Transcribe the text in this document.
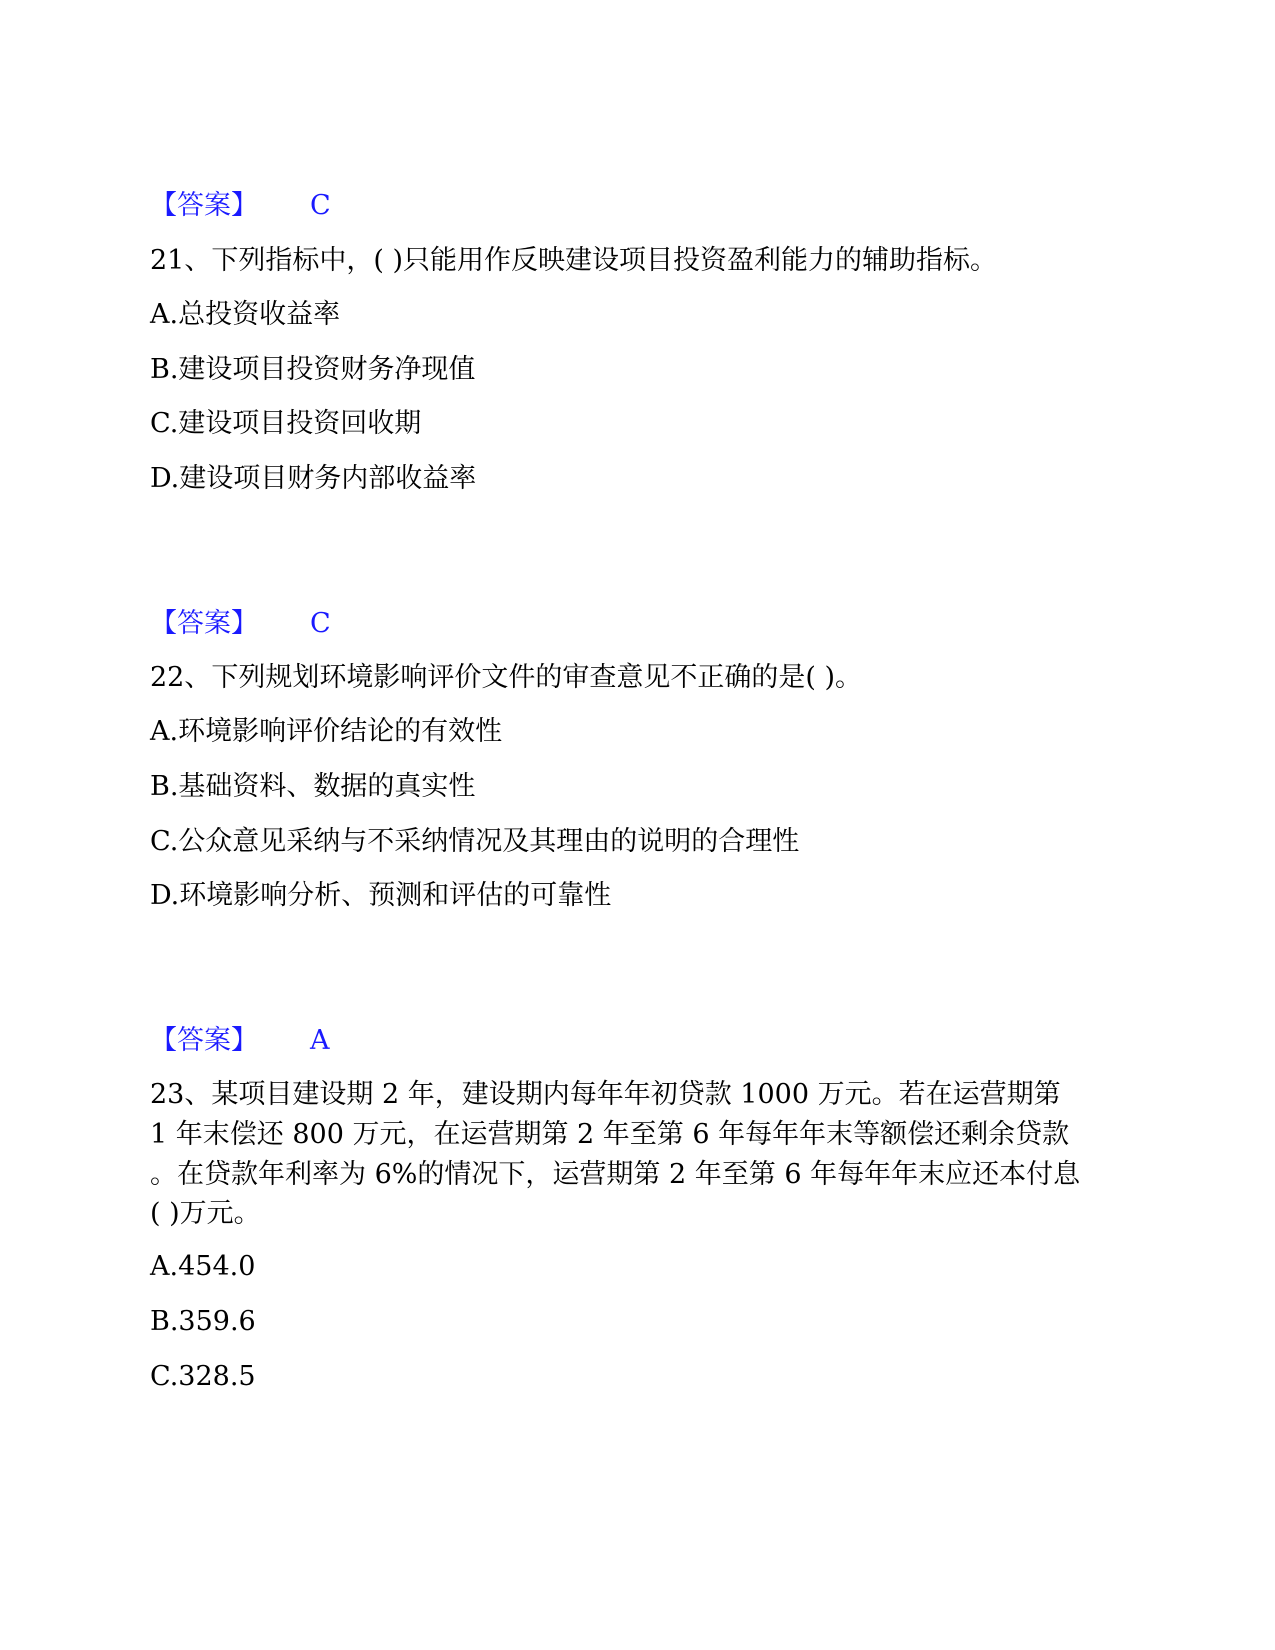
【答案】 C

21、下列指标中，( )只能用作反映建设项目投资盈利能力的辅助指标。

A.总投资收益率

B.建设项目投资财务净现值

C.建设项目投资回收期

D.建设项目财务内部收益率

【答案】 C

22、下列规划环境影响评价文件的审查意见不正确的是( )。

A.环境影响评价结论的有效性

B.基础资料、数据的真实性

C.公众意见采纳与不采纳情况及其理由的说明的合理性

D.环境影响分析、预测和评估的可靠性

【答案】 A

23、某项目建设期 2 年，建设期内每年年初贷款 1000 万元。若在运营期第

1 年末偿还 800 万元，在运营期第 2 年至第 6 年每年年末等额偿还剩余贷款

。在贷款年利率为 6%的情况下，运营期第 2 年至第 6 年每年年末应还本付息

( )万元。

A.454.0

B.359.6

C.328.5
